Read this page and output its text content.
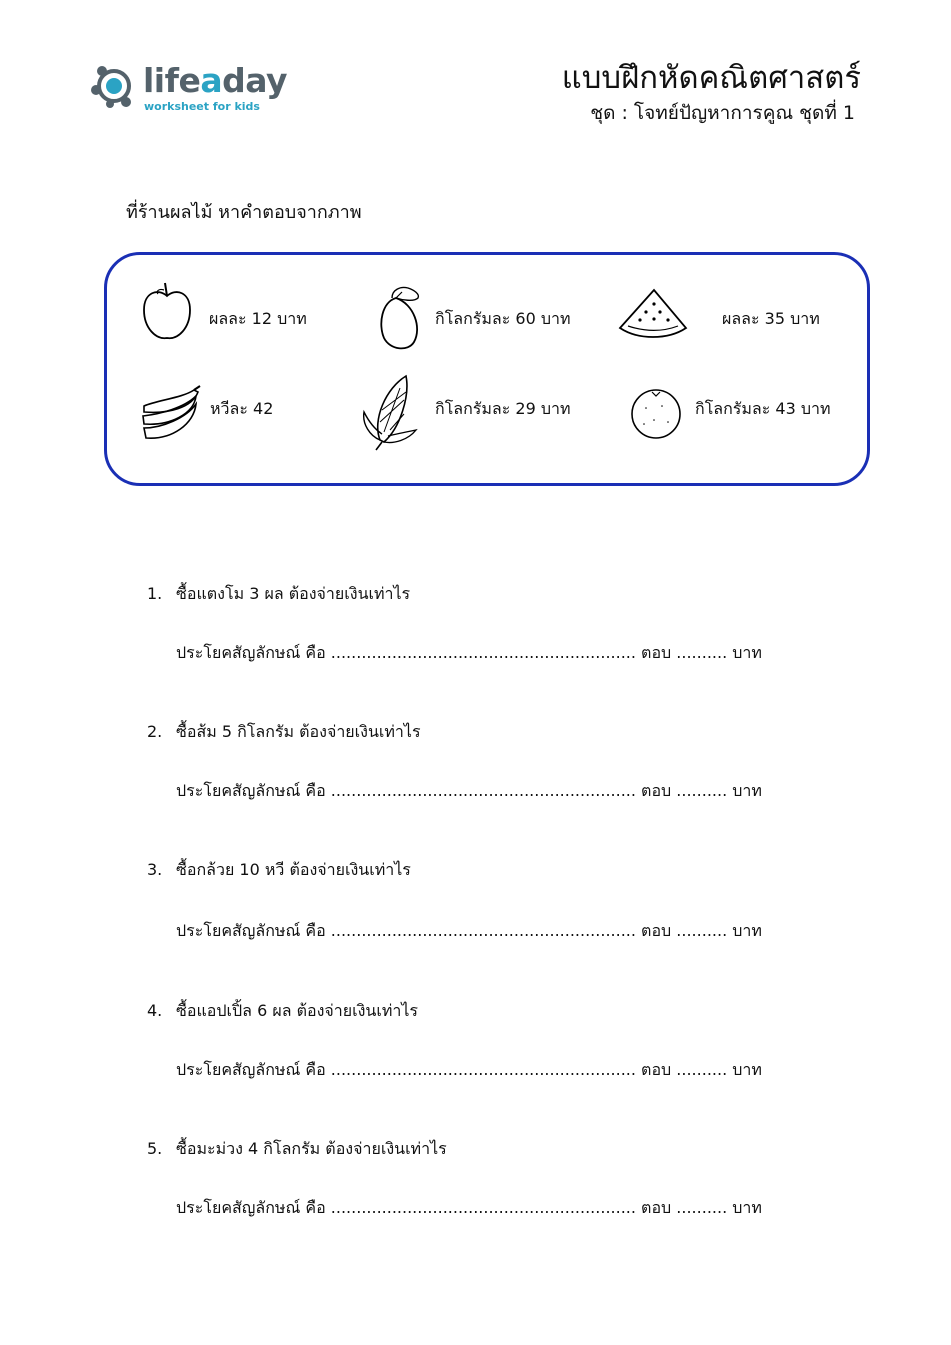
lifeaday
worksheet for kids
แบบฝึกหัดคณิตศาสตร์
ชุด : โจทย์ปัญหาการคูณ ชุดที่ 1
ที่ร้านผลไม้ หาคำตอบจากภาพ
ผลละ 12 บาท	กิโลกรัมละ 60 บาท	ผลละ 35 บาท
หวีละ 42	กิโลกรัมละ 29 บาท	กิโลกรัมละ 43 บาท
1. ซื้อแตงโม 3 ผล ต้องจ่ายเงินเท่าไร
ประโยคสัญลักษณ์ คือ ............................................................ ตอบ .......... บาท
2. ซื้อส้ม 5 กิโลกรัม ต้องจ่ายเงินเท่าไร
ประโยคสัญลักษณ์ คือ ............................................................ ตอบ .......... บาท
3. ซื้อกล้วย 10 หวี ต้องจ่ายเงินเท่าไร
ประโยคสัญลักษณ์ คือ ............................................................ ตอบ .......... บาท
4. ซื้อแอปเปิ้ล 6 ผล ต้องจ่ายเงินเท่าไร
ประโยคสัญลักษณ์ คือ ............................................................ ตอบ .......... บาท
5. ซื้อมะม่วง 4 กิโลกรัม ต้องจ่ายเงินเท่าไร
ประโยคสัญลักษณ์ คือ ............................................................ ตอบ .......... บาท
